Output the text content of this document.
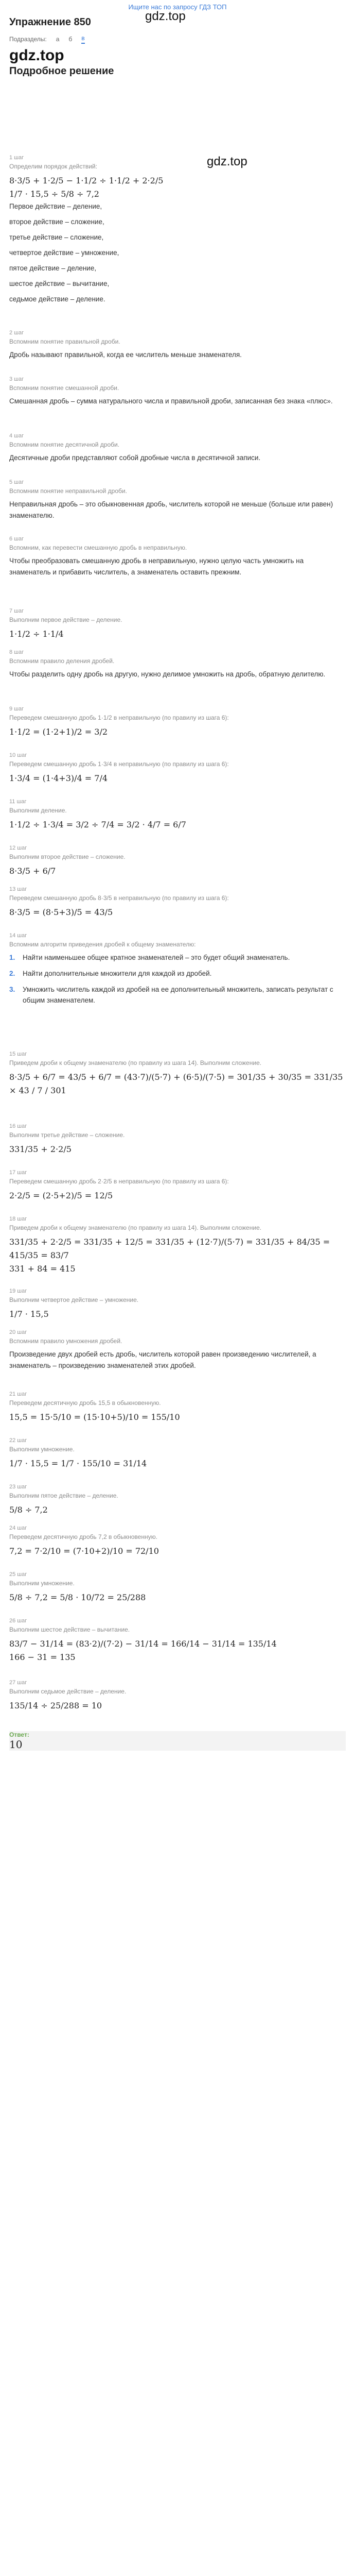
Ищите нас по запросу ГДЗ ТОП
Упражнение 850
Подразделы: a б в
gdz.top
Подробное решение
gdz.top
gdz.top
1 шаг
Определим порядок действий:
8·3/5 + 1·2/5 − 1·1/2 ÷ 1·1/2 + 2·2/5
1/7 · 15,5 ÷ 5/8 ÷ 7,2

Первое действие – деление,

второе действие – сложение,

третье действие – сложение,

четвертое действие – умножение,

пятое действие – деление,

шестое действие – вычитание,

седьмое действие – деление.

2 шаг
Вспомним понятие правильной дроби.

Дробь называют правильной, когда ее числитель меньше знаменателя.

3 шаг
Вспомним понятие смешанной дроби.

Смешанная дробь – сумма натурального числа и правильной дроби, записанная без знака «плюс».

4 шаг
Вспомним понятие десятичной дроби.

Десятичные дроби представляют собой дробные числа в десятичной записи.

5 шаг
Вспомним понятие неправильной дроби.

Неправильная дробь – это обыкновенная дробь, числитель которой не меньше (больше или равен) знаменателю.

6 шаг
Вспомним, как перевести смешанную дробь в неправильную.

Чтобы преобразовать смешанную дробь в неправильную, нужно целую часть умножить на знаменатель и прибавить числитель, а знаменатель оставить прежним.

7 шаг
Выполним первое действие – деление.
1·1/2 ÷ 1·1/4
8 шаг
Вспомним правило деления дробей.

Чтобы разделить одну дробь на другую, нужно делимое умножить на дробь, обратную делителю.

9 шаг
Переведем смешанную дробь 1·1/2 в неправильную (по правилу из шага 6):
1·1/2 = (1·2+1)/2 = 3/2
10 шаг
Переведем смешанную дробь 1·3/4 в неправильную (по правилу из шага 6):
1·3/4 = (1·4+3)/4 = 7/4
11 шаг
Выполним деление.
1·1/2 ÷ 1·3/4 = 3/2 ÷ 7/4 = 3/2 · 4/7 = 6/7
12 шаг
Выполним второе действие – сложение.
8·3/5 + 6/7
13 шаг
Переведем смешанную дробь 8·3/5 в неправильную (по правилу из шага 6):
8·3/5 = (8·5+3)/5 = 43/5
14 шаг
Вспомним алгоритм приведения дробей к общему знаменателю:
1.	Найти наименьшее общее кратное знаменателей – это будет общий знаменатель.
2.	Найти дополнительные множители для каждой из дробей.
3.	Умножить числитель каждой из дробей на ее дополнительный множитель, записать результат с общим знаменателем.
15 шаг
Приведем дроби к общему знаменателю (по правилу из шага 14). Выполним сложение.
8·3/5 + 6/7 = 43/5 + 6/7 = (43·7)/(5·7) + (6·5)/(7·5) = 301/35 + 30/35 = 331/35
× 43 / 7 / 301
16 шаг
Выполним третье действие – сложение.
331/35 + 2·2/5
17 шаг
Переведем смешанную дробь 2·2/5 в неправильную (по правилу из шага 6):
2·2/5 = (2·5+2)/5 = 12/5
18 шаг
Приведем дроби к общему знаменателю (по правилу из шага 14). Выполним сложение.
331/35 + 2·2/5 = 331/35 + 12/5 = 331/35 + (12·7)/(5·7) = 331/35 + 84/35 = 415/35 = 83/7
331 + 84 = 415
19 шаг
Выполним четвертое действие – умножение.
1/7 · 15,5
20 шаг
Вспомним правило умножения дробей.

Произведение двух дробей есть дробь, числитель которой равен произведению числителей, а знаменатель – произведению знаменателей этих дробей.

21 шаг
Переведем десятичную дробь 15,5 в обыкновенную.
15,5 = 15·5/10 = (15·10+5)/10 = 155/10
22 шаг
Выполним умножение.
1/7 · 15,5 = 1/7 · 155/10 = 31/14
23 шаг
Выполним пятое действие – деление.
5/8 ÷ 7,2
24 шаг
Переведем десятичную дробь 7,2 в обыкновенную.
7,2 = 7·2/10 = (7·10+2)/10 = 72/10
25 шаг
Выполним умножение.
5/8 ÷ 7,2 = 5/8 · 10/72 = 25/288
26 шаг
Выполним шестое действие – вычитание.
83/7 − 31/14 = (83·2)/(7·2) − 31/14 = 166/14 − 31/14 = 135/14
166 − 31 = 135
27 шаг
Выполним седьмое действие – деление.
135/14 ÷ 25/288 = 10
Ответ:
10
